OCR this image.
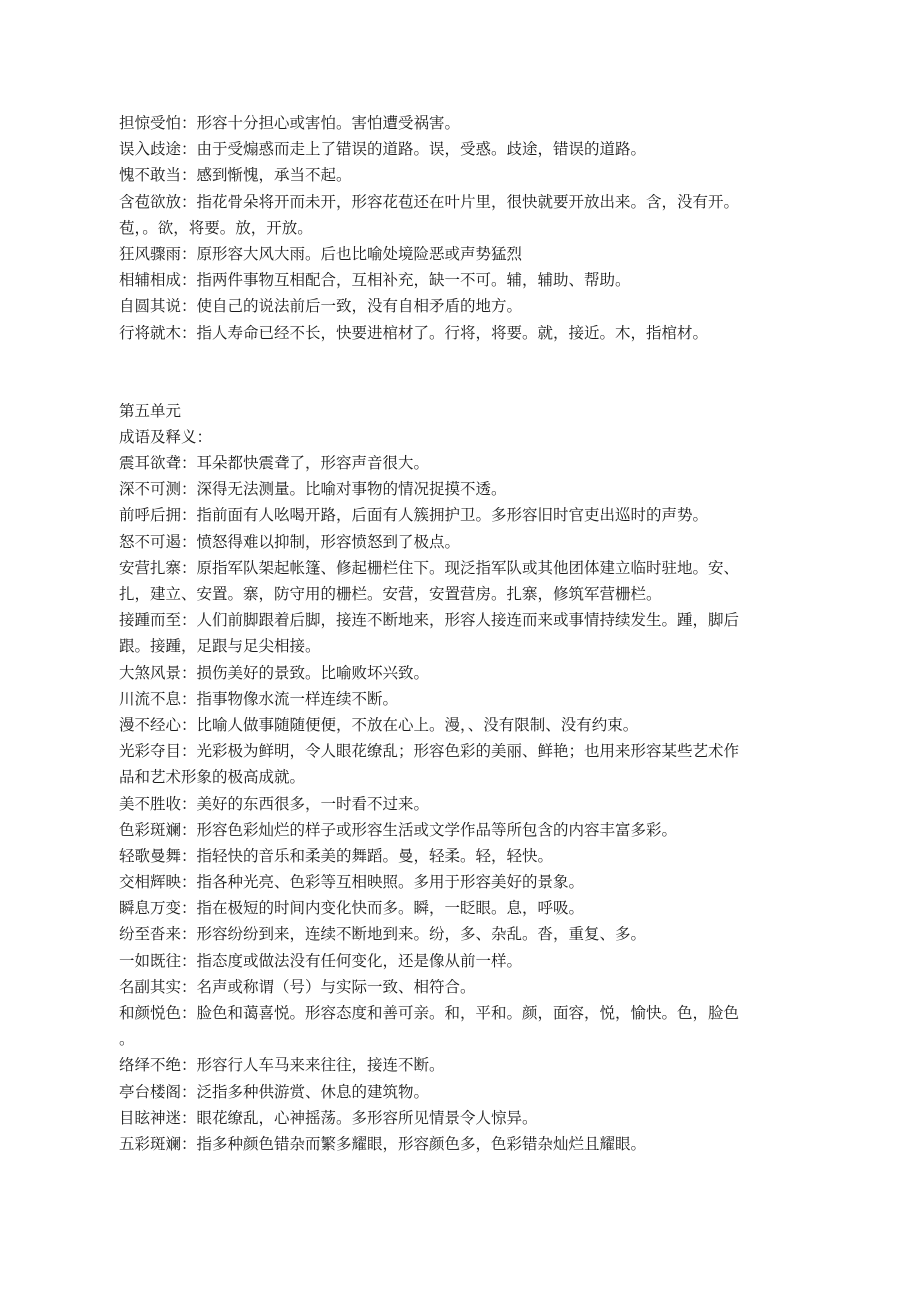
担惊受怕：形容十分担心或害怕。害怕遭受祸害。
误入歧途：由于受煽惑而走上了错误的道路。误，受惑。歧途，错误的道路。
愧不敢当：感到惭愧，承当不起。
含苞欲放：指花骨朵将开而未开，形容花苞还在叶片里，很快就要开放出来。含，没有开。
苞，。欲，将要。放，开放。
狂风骤雨：原形容大风大雨。后也比喻处境险恶或声势猛烈
相辅相成：指两件事物互相配合，互相补充，缺一不可。辅，辅助、帮助。
自圆其说：使自己的说法前后一致，没有自相矛盾的地方。
行将就木：指人寿命已经不长，快要进棺材了。行将，将要。就，接近。木，指棺材。
第五单元
成语及释义：
震耳欲聋：耳朵都快震聋了，形容声音很大。
深不可测：深得无法测量。比喻对事物的情况捉摸不透。
前呼后拥：指前面有人吆喝开路，后面有人簇拥护卫。多形容旧时官吏出巡时的声势。
怒不可遏：愤怒得难以抑制，形容愤怒到了极点。
安营扎寨：原指军队架起帐篷、修起栅栏住下。现泛指军队或其他团体建立临时驻地。安、
扎，建立、安置。寨，防守用的栅栏。安营，安置营房。扎寨，修筑军营栅栏。
接踵而至：人们前脚跟着后脚，接连不断地来，形容人接连而来或事情持续发生。踵，脚后
跟。接踵，足跟与足尖相接。
大煞风景：损伤美好的景致。比喻败坏兴致。
川流不息：指事物像水流一样连续不断。
漫不经心：比喻人做事随随便便，不放在心上。漫，、没有限制、没有约束。
光彩夺目：光彩极为鲜明，令人眼花缭乱；形容色彩的美丽、鲜艳；也用来形容某些艺术作
品和艺术形象的极高成就。
美不胜收：美好的东西很多，一时看不过来。
色彩斑斓：形容色彩灿烂的样子或形容生活或文学作品等所包含的内容丰富多彩。
轻歌曼舞：指轻快的音乐和柔美的舞蹈。曼，轻柔。轻，轻快。
交相辉映：指各种光亮、色彩等互相映照。多用于形容美好的景象。
瞬息万变：指在极短的时间内变化快而多。瞬，一眨眼。息，呼吸。
纷至沓来：形容纷纷到来，连续不断地到来。纷，多、杂乱。沓，重复、多。
一如既往：指态度或做法没有任何变化，还是像从前一样。
名副其实：名声或称谓（号）与实际一致、相符合。
和颜悦色：脸色和蔼喜悦。形容态度和善可亲。和，平和。颜，面容，悦，愉快。色，脸色
。
络绎不绝：形容行人车马来来往往，接连不断。
亭台楼阁：泛指多种供游赏、休息的建筑物。
目眩神迷：眼花缭乱，心神摇荡。多形容所见情景令人惊异。
五彩斑斓：指多种颜色错杂而繁多耀眼，形容颜色多，色彩错杂灿烂且耀眼。
